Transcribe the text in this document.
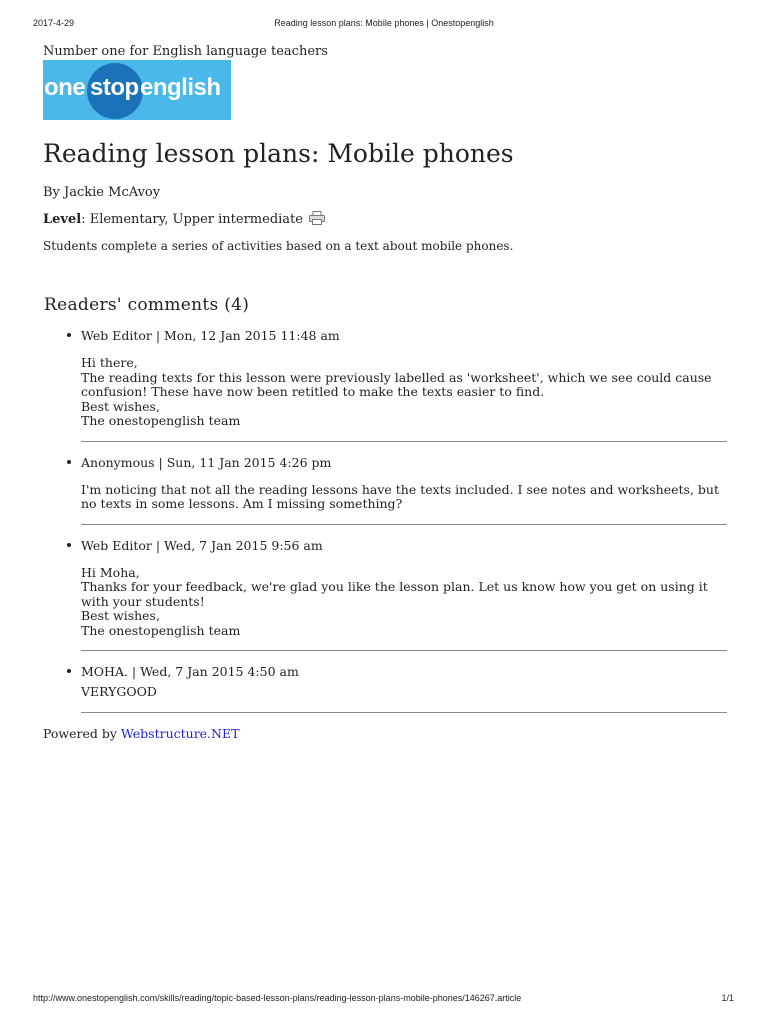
2017-4-29	Reading lesson plans: Mobile phones | Onestopenglish
Number one for English language teachers
one stop english
Reading lesson plans: Mobile phones
By Jackie McAvoy
Level: Elementary, Upper intermediate
Students complete a series of activities based on a text about mobile phones.
Readers' comments (4)
Web Editor | Mon, 12 Jan 2015 11:48 am
Hi there,
The reading texts for this lesson were previously labelled as 'worksheet', which we see could cause confusion! These have now been retitled to make the texts easier to find.
Best wishes,
The onestopenglish team
Anonymous | Sun, 11 Jan 2015 4:26 pm
I'm noticing that not all the reading lessons have the texts included. I see notes and worksheets, but no texts in some lessons. Am I missing something?
Web Editor | Wed, 7 Jan 2015 9:56 am
Hi Moha,
Thanks for your feedback, we're glad you like the lesson plan. Let us know how you get on using it with your students!
Best wishes,
The onestopenglish team
MOHA. | Wed, 7 Jan 2015 4:50 am
VERYGOOD
Powered by Webstructure.NET
http://www.onestopenglish.com/skills/reading/topic-based-lesson-plans/reading-lesson-plans-mobile-phones/146267.article	1/1
